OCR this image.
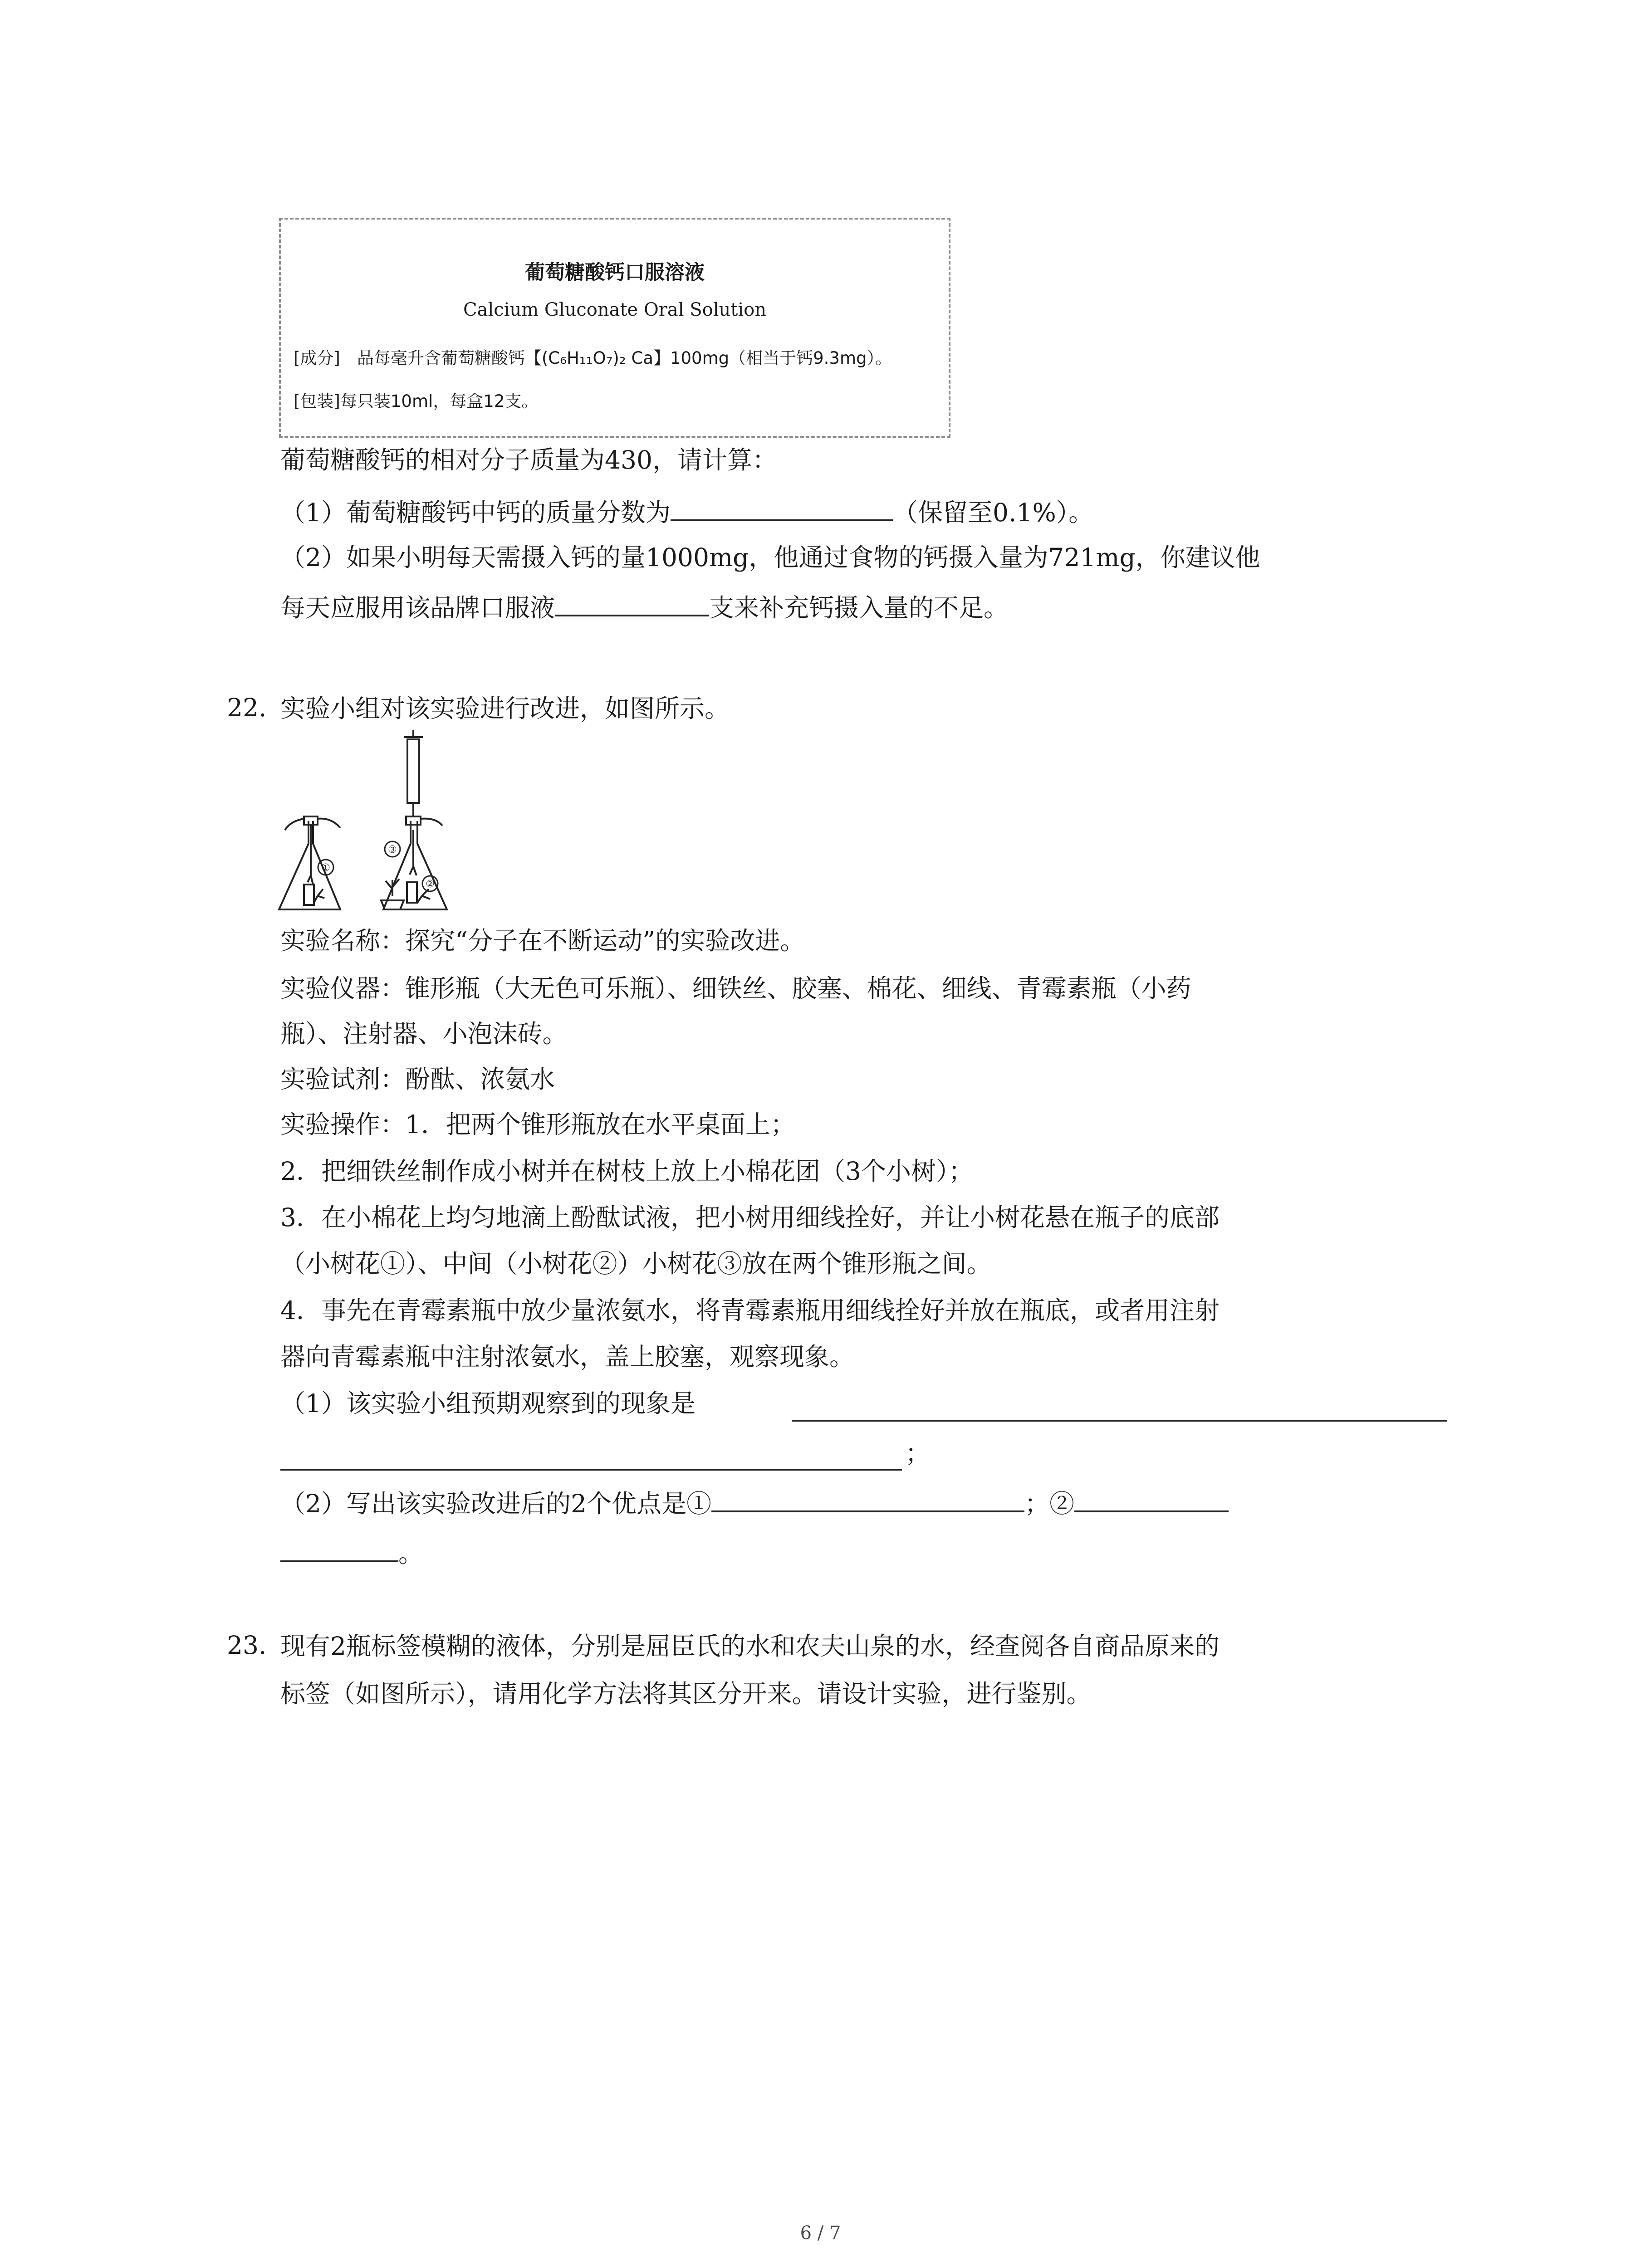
葡萄糖酸钙口服溶液
Calcium Gluconate Oral Solution
[成分]　品每毫升含葡萄糖酸钙【(C₆H₁₁O₇)₂ Ca】100mg（相当于钙9.3mg）。
[包装]每只装10ml，每盒12支。
葡萄糖酸钙的相对分子质量为430，请计算：
（1）葡萄糖酸钙中钙的质量分数为	（保留至0.1%）。
（2）如果小明每天需摄入钙的量1000mg，他通过食物的钙摄入量为721mg，你建议他
每天应服用该品牌口服液	支来补充钙摄入量的不足。
22. 实验小组对该实验进行改进，如图所示。
①
③
②
实验名称：探究“分子在不断运动”的实验改进。
实验仪器：锥形瓶（大无色可乐瓶）、细铁丝、胶塞、棉花、细线、青霉素瓶（小药
瓶）、注射器、小泡沫砖。
实验试剂：酚酞、浓氨水
实验操作：1．把两个锥形瓶放在水平桌面上；
2．把细铁丝制作成小树并在树枝上放上小棉花团（3个小树）；
3．在小棉花上均匀地滴上酚酞试液，把小树用细线拴好，并让小树花悬在瓶子的底部
（小树花①）、中间（小树花②）小树花③放在两个锥形瓶之间。
4．事先在青霉素瓶中放少量浓氨水，将青霉素瓶用细线拴好并放在瓶底，或者用注射
器向青霉素瓶中注射浓氨水，盖上胶塞，观察现象。
（1）该实验小组预期观察到的现象是
；
（2）写出该实验改进后的2个优点是①	；②
。
23. 现有2瓶标签模糊的液体，分别是屈臣氏的水和农夫山泉的水，经查阅各自商品原来的
标签（如图所示），请用化学方法将其区分开来。请设计实验，进行鉴别。
6 / 7
